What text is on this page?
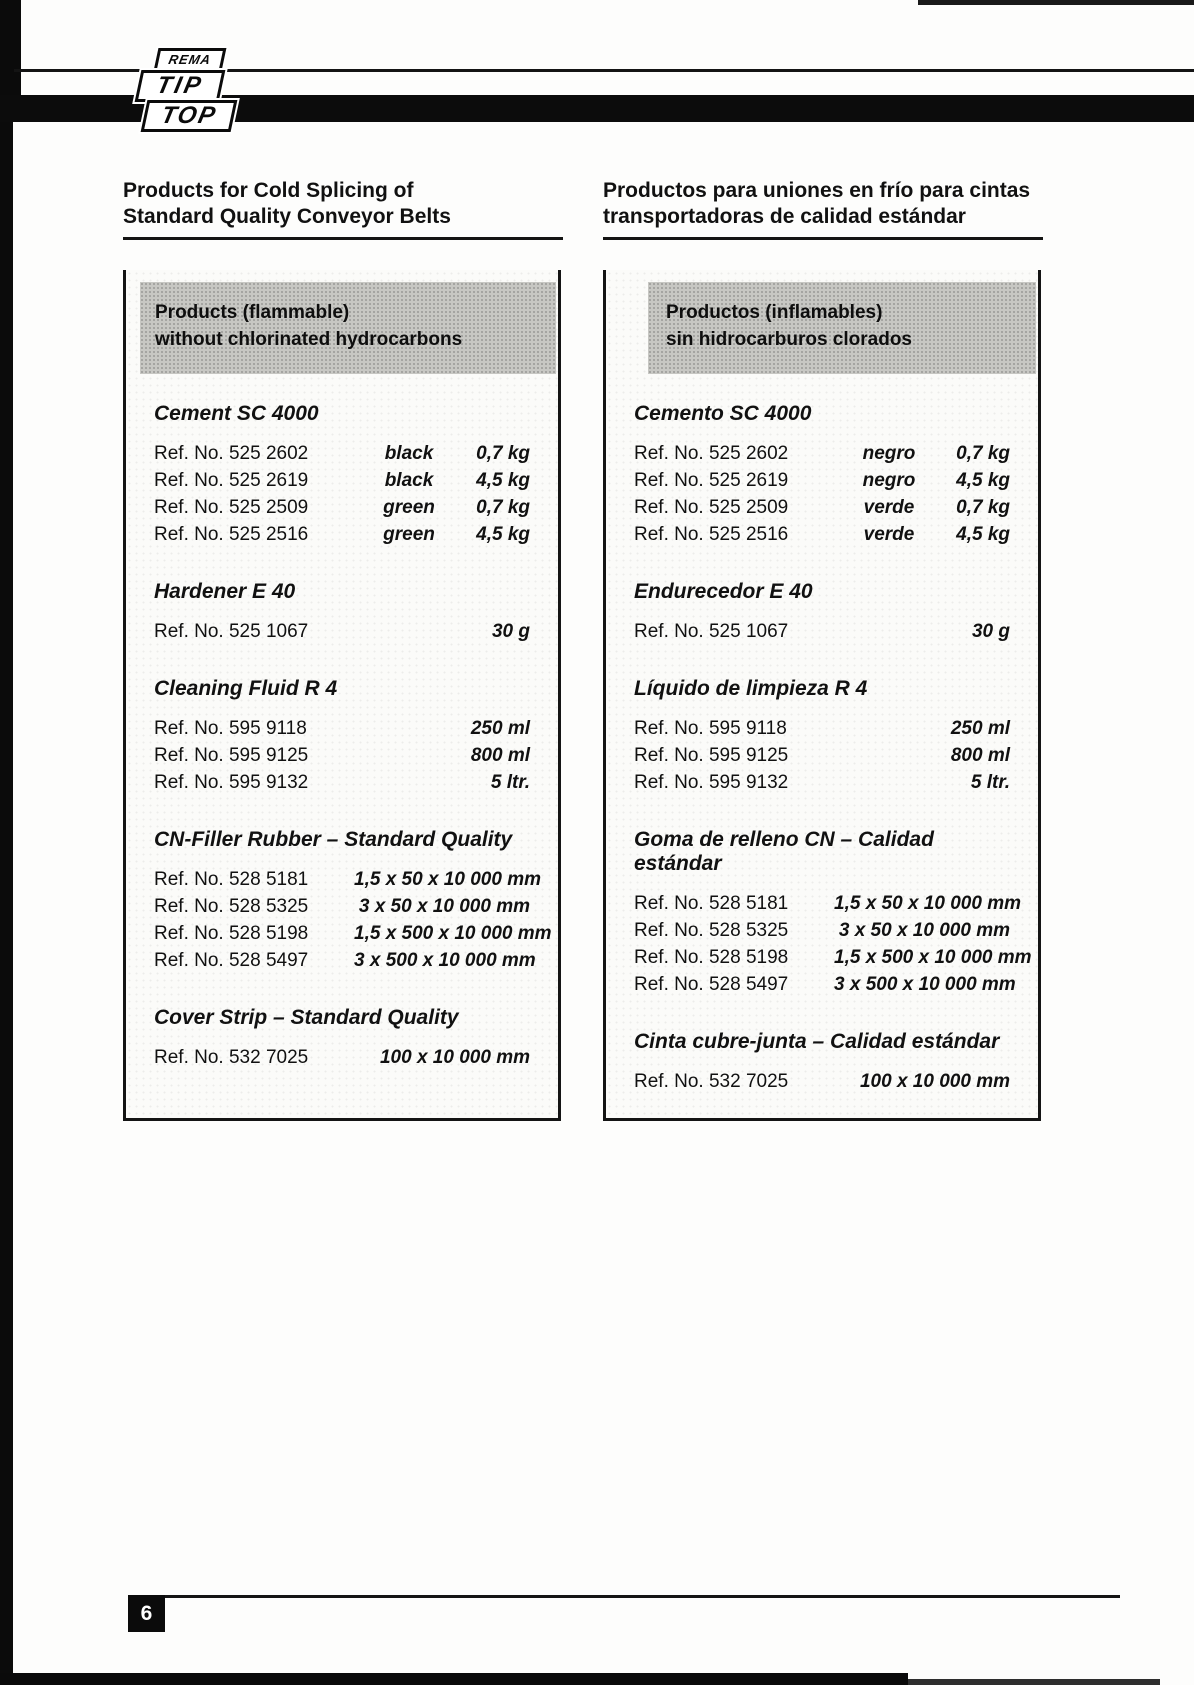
REMA
TIP
TOP
Products for Cold Splicing of
Standard Quality Conveyor Belts
Productos para uniones en frío para cintas
transportadoras de calidad estándar
Products (flammable)
without chlorinated hydrocarbons
Cement SC 4000
Ref. No. 525 2602	black	0,7 kg
Ref. No. 525 2619	black	4,5 kg
Ref. No. 525 2509	green	0,7 kg
Ref. No. 525 2516	green	4,5 kg
Hardener E 40
Ref. No. 525 1067	30 g
Cleaning Fluid R 4
Ref. No. 595 9118	250 ml
Ref. No. 595 9125	800 ml
Ref. No. 595 9132	5 ltr.
CN-Filler Rubber – Standard Quality
Ref. No. 528 5181	1,5 x 50 x 10 000 mm
Ref. No. 528 5325	3 x 50 x 10 000 mm
Ref. No. 528 5198	1,5 x 500 x 10 000 mm
Ref. No. 528 5497	3 x 500 x 10 000 mm
Cover Strip – Standard Quality
Ref. No. 532 7025	100 x 10 000 mm
Productos (inflamables)
sin hidrocarburos clorados
Cemento SC 4000
Ref. No. 525 2602	negro	0,7 kg
Ref. No. 525 2619	negro	4,5 kg
Ref. No. 525 2509	verde	0,7 kg
Ref. No. 525 2516	verde	4,5 kg
Endurecedor E 40
Ref. No. 525 1067	30 g
Líquido de limpieza R 4
Ref. No. 595 9118	250 ml
Ref. No. 595 9125	800 ml
Ref. No. 595 9132	5 ltr.
Goma de relleno CN – Calidad estándar
Ref. No. 528 5181	1,5 x 50 x 10 000 mm
Ref. No. 528 5325	3 x 50 x 10 000 mm
Ref. No. 528 5198	1,5 x 500 x 10 000 mm
Ref. No. 528 5497	3 x 500 x 10 000 mm
Cinta cubre-junta – Calidad estándar
Ref. No. 532 7025	100 x 10 000 mm
6
